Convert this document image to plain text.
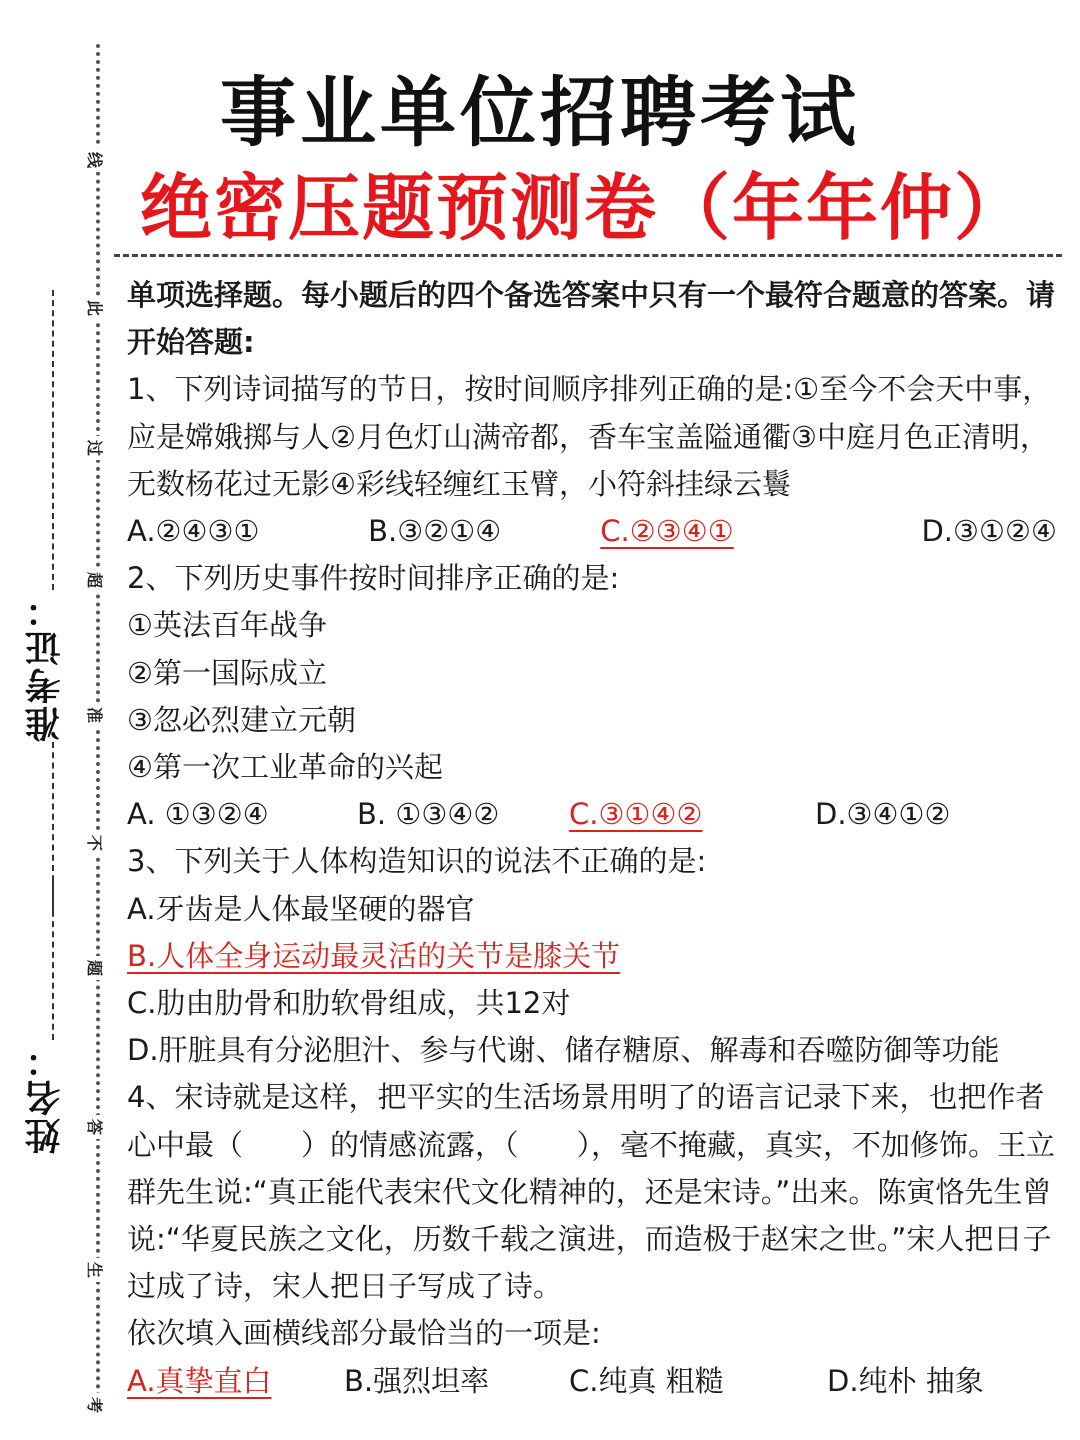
线
此
过
超
准
不
题
答
生
考
准考证：
姓名：
事业单位招聘考试
绝密压题预测卷（年年仲）

单项选择题。每小题后的四个备选答案中只有一个最符合题意的答案。请开始答题:

1、下列诗词描写的节日，按时间顺序排列正确的是:①至今不会天中事，应是嫦娥掷与人②月色灯山满帝都，香车宝盖隘通衢③中庭月色正清明，无数杨花过无影④彩线轻缠红玉臂，小符斜挂绿云鬟

A.②④③①	B.③②①④	C.②③④①	D.③①②④

2、下列历史事件按时间排序正确的是:

①英法百年战争

②第一国际成立

③忽必烈建立元朝

④第一次工业革命的兴起

A. ①③②④	B. ①③④②	C.③①④②	D.③④①②

3、下列关于人体构造知识的说法不正确的是:

A.牙齿是人体最坚硬的器官

B.人体全身运动最灵活的关节是膝关节

C.肋由肋骨和肋软骨组成，共12对

D.肝脏具有分泌胆汁、参与代谢、储存糖原、解毒和吞噬防御等功能

4、宋诗就是这样，把平实的生活场景用明了的语言记录下来，也把作者心中最（　　）的情感流露，（　　），毫不掩藏，真实，不加修饰。王立群先生说:“真正能代表宋代文化精神的，还是宋诗。”出来。陈寅恪先生曾说:“华夏民族之文化，历数千载之演进，而造极于赵宋之世。”宋人把日子过成了诗，宋人把日子写成了诗。

依次填入画横线部分最恰当的一项是:

A.真挚直白	B.强烈坦率	C.纯真 粗糙	D.纯朴 抽象
